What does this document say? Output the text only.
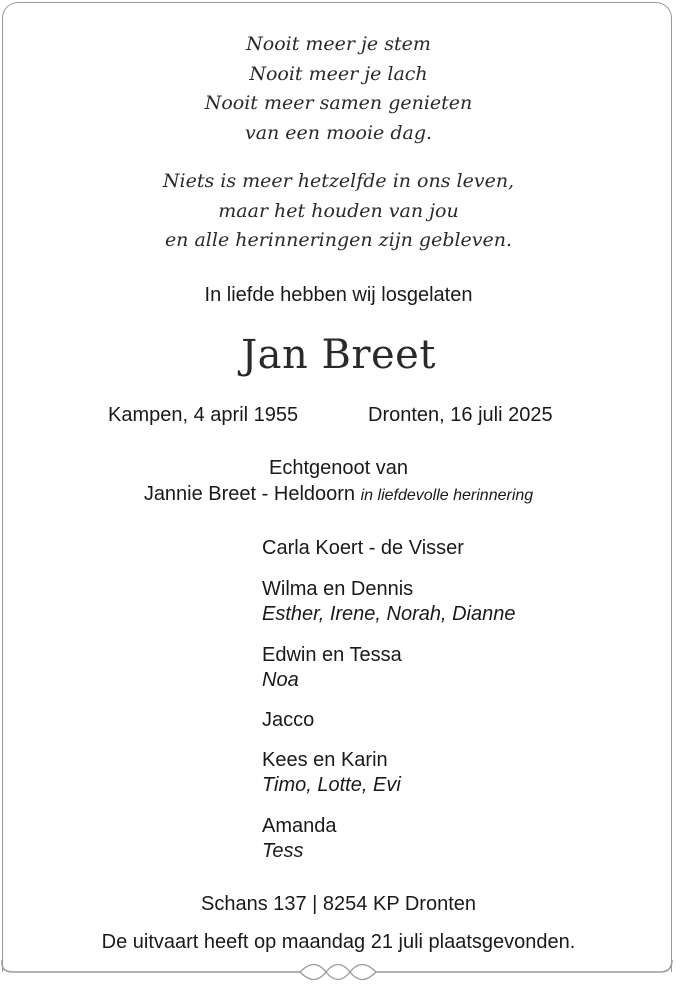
Nooit meer je stem
Nooit meer je lach
Nooit meer samen genieten
van een mooie dag.
Niets is meer hetzelfde in ons leven,
maar het houden van jou
en alle herinneringen zijn gebleven.
In liefde hebben wij losgelaten
Jan Breet
Kampen, 4 april 1955	Dronten, 16 juli 2025
Echtgenoot van
Jannie Breet - Heldoorn in liefdevolle herinnering
Carla Koert - de Visser
Wilma en Dennis
Esther, Irene, Norah, Dianne
Edwin en Tessa
Noa
Jacco
Kees en Karin
Timo, Lotte, Evi
Amanda
Tess
Schans 137 | 8254 KP Dronten
De uitvaart heeft op maandag 21 juli plaatsgevonden.
